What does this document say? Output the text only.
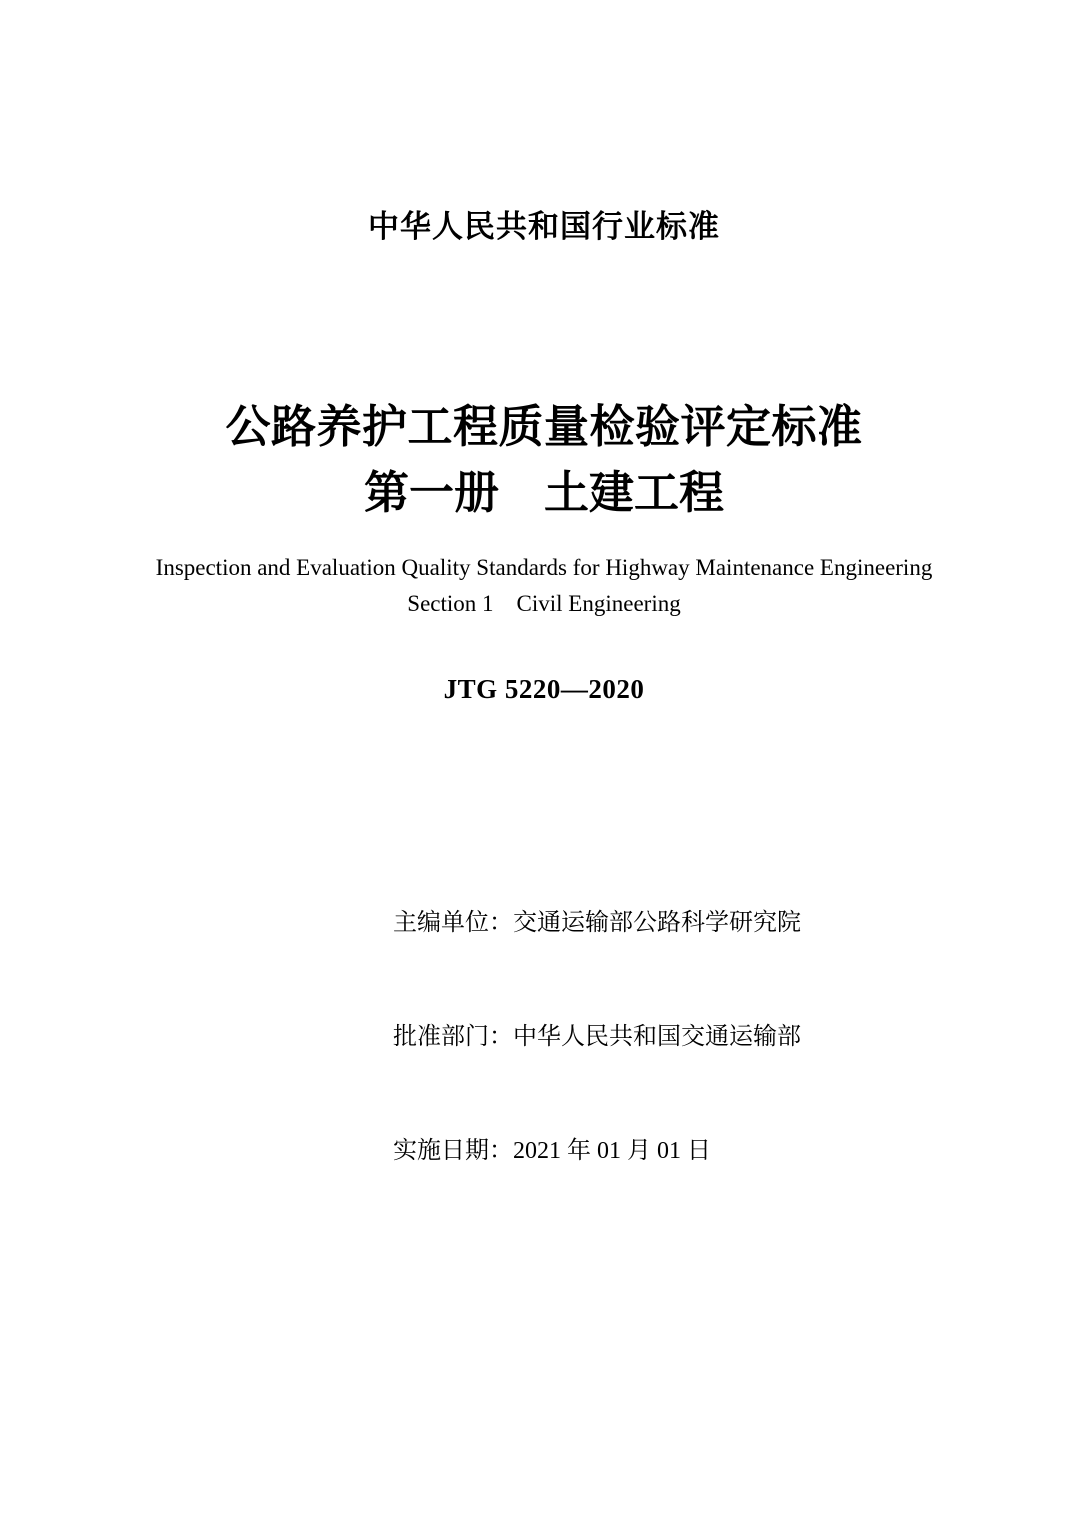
中华人民共和国行业标准
公路养护工程质量检验评定标准
第一册　土建工程
Inspection and Evaluation Quality Standards for Highway Maintenance Engineering
Section 1    Civil Engineering
JTG 5220—2020

主编单位：交通运输部公路科学研究院

批准部门：中华人民共和国交通运输部

实施日期：2021 年 01 月 01 日
